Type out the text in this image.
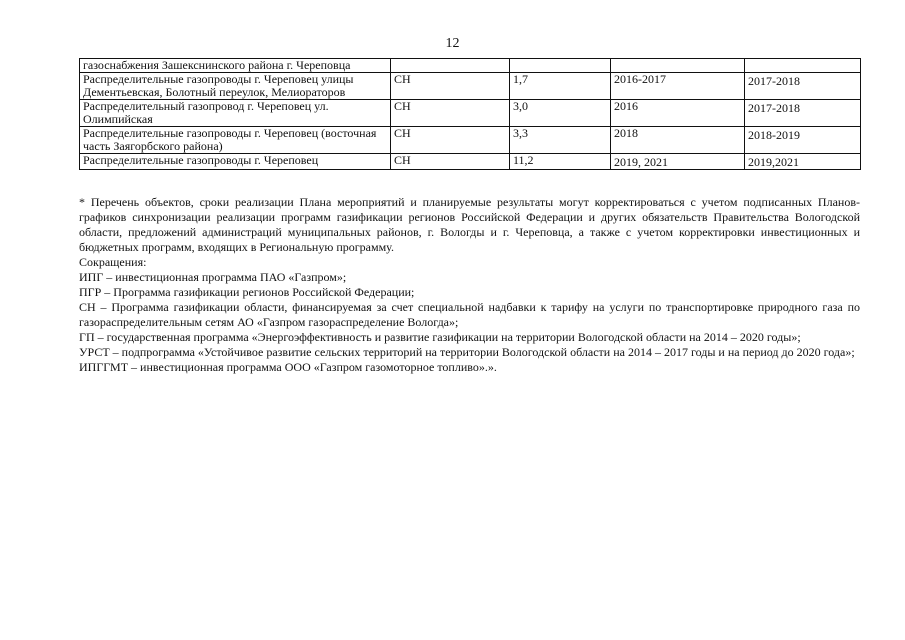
12
газоснабжения Зашекснинского района г. Череповца				
Распределительные газопроводы г. Череповец улицы Дементьевская, Болотный переулок, Мелиораторов	СН	1,7	2016-2017	2017-2018
Распределительный газопровод г. Череповец ул. Олимпийская	СН	3,0	2016	2017-2018
Распределительные газопроводы г. Череповец (восточная часть Заягорбского района)	СН	3,3	2018	2018-2019
Распределительные газопроводы г. Череповец	СН	11,2	2019, 2021	2019,2021

* Перечень объектов, сроки реализации Плана мероприятий и планируемые результаты могут корректироваться с учетом подписанных Планов-графиков синхронизации реализации программ газификации регионов Российской Федерации и других обязательств Правительства Вологодской области, предложений администраций муниципальных районов, г. Вологды и г. Череповца, а также с учетом корректировки инвестиционных и бюджетных программ, входящих в Региональную программу.

Сокращения:

ИПГ – инвестиционная программа ПАО «Газпром»;

ПГР – Программа газификации регионов Российской Федерации;

СН – Программа газификации области, финансируемая за счет специальной надбавки к тарифу на услуги по транспортировке природного газа по газораспределительным сетям АО «Газпром газораспределение Вологда»;

ГП – государственная программа «Энергоэффективность и развитие газификации на территории Вологодской области на 2014 – 2020 годы»;

УРСТ – подпрограмма «Устойчивое развитие сельских территорий на территории Вологодской области на 2014 – 2017 годы и на период до 2020 года»;

ИПГГМТ – инвестиционная программа ООО «Газпром газомоторное топливо».».
